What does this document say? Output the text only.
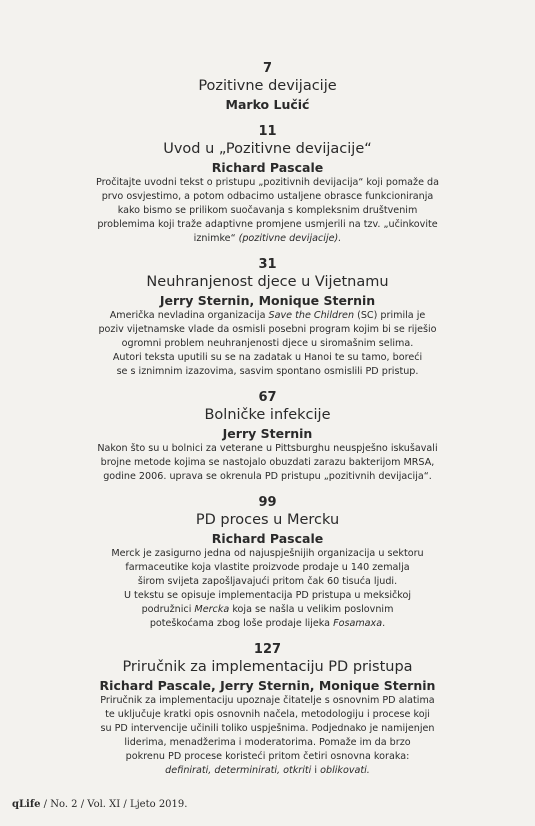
7
Pozitivne devijacije
Marko Lučić
11
Uvod u „Pozitivne devijacije“
Richard Pascale
Pročitajte uvodni tekst o pristupu „pozitivnih devijacija“ koji pomaže da
prvo osvjestimo, a potom odbacimo ustaljene obrasce funkcioniranja
kako bismo se prilikom suočavanja s kompleksnim društvenim
problemima koji traže adaptivne promjene usmjerili na tzv. „učinkovite
iznimke“ (pozitivne devijacije).
31
Neuhranjenost djece u Vijetnamu
Jerry Sternin, Monique Sternin
Američka nevladina organizacija Save the Children (SC) primila je
poziv vijetnamske vlade da osmisli posebni program kojim bi se riješio
ogromni problem neuhranjenosti djece u siromašnim selima.
Autori teksta uputili su se na zadatak u Hanoi te su tamo, boreći
se s iznimnim izazovima, sasvim spontano osmislili PD pristup.
67
Bolničke infekcije
Jerry Sternin
Nakon što su u bolnici za veterane u Pittsburghu neuspješno iskušavali
brojne metode kojima se nastojalo obuzdati zarazu bakterijom MRSA,
godine 2006. uprava se okrenula PD pristupu „pozitivnih devijacija“.
99
PD proces u Mercku
Richard Pascale
Merck je zasigurno jedna od najuspješnijih organizacija u sektoru
farmaceutike koja vlastite proizvode prodaje u 140 zemalja
širom svijeta zapošljavajući pritom čak 60 tisuća ljudi.
U tekstu se opisuje implementacija PD pristupa u meksičkoj
podružnici Mercka koja se našla u velikim poslovnim
poteškoćama zbog loše prodaje lijeka Fosamaxa.
127
Priručnik za implementaciju PD pristupa
Richard Pascale, Jerry Sternin, Monique Sternin
Priručnik za implementaciju upoznaje čitatelje s osnovnim PD alatima
te uključuje kratki opis osnovnih načela, metodologiju i procese koji
su PD intervencije učinili toliko uspješnima. Podjednako je namijenjen
liderima, menadžerima i moderatorima. Pomaže im da brzo
pokrenu PD procese koristeći pritom četiri osnovna koraka:
definirati, determinirati, otkriti i oblikovati.
qLife / No. 2 / Vol. XI / Ljeto 2019.
